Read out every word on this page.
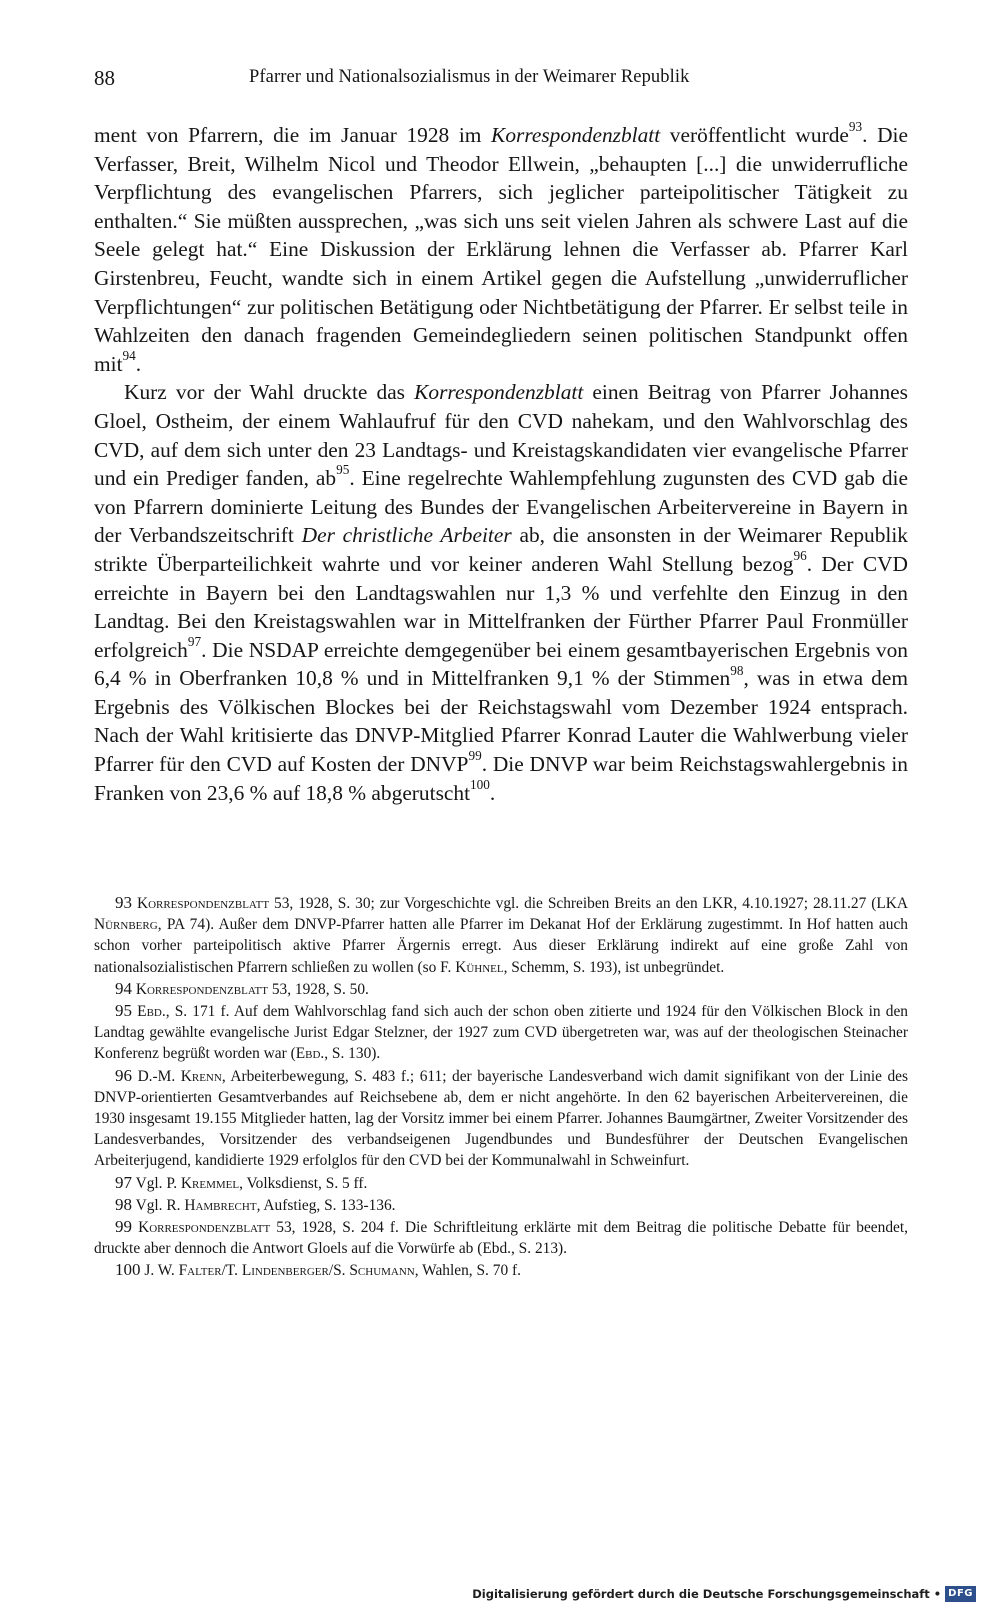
88	Pfarrer und Nationalsozialismus in der Weimarer Republik

ment von Pfarrern, die im Januar 1928 im Korrespondenzblatt veröffentlicht wurde$^{93}$. Die Verfasser, Breit, Wilhelm Nicol und Theodor Ellwein, „behaupten [...] die unwiderrufliche Verpflichtung des evangelischen Pfarrers, sich jeglicher parteipolitischer Tätigkeit zu enthalten.“ Sie müßten aussprechen, „was sich uns seit vielen Jahren als schwere Last auf die Seele gelegt hat.“ Eine Diskussion der Erklärung lehnen die Verfasser ab. Pfarrer Karl Girstenbreu, Feucht, wandte sich in einem Artikel gegen die Aufstellung „unwiderruflicher Verpflichtungen“ zur politischen Betätigung oder Nichtbetätigung der Pfarrer. Er selbst teile in Wahlzeiten den danach fragenden Gemeindegliedern seinen politischen Standpunkt offen mit$^{94}$.

Kurz vor der Wahl druckte das Korrespondenzblatt einen Beitrag von Pfarrer Johannes Gloel, Ostheim, der einem Wahlaufruf für den CVD nahekam, und den Wahlvorschlag des CVD, auf dem sich unter den 23 Landtags- und Kreistagskandidaten vier evangelische Pfarrer und ein Prediger fanden, $ab^{95}$. Eine regelrechte Wahlempfehlung zugunsten des CVD gab die von Pfarrern dominierte Leitung des Bundes der Evangelischen Arbeitervereine in Bayern in der Verbandszeitschrift Der christliche Arbeiter ab, die ansonsten in der Weimarer Republik strikte Überparteilichkeit wahrte und vor keiner anderen Wahl Stellung bezog$^{96}$. Der CVD erreichte in Bayern bei den Landtagswahlen nur 1,3 % und verfehlte den Einzug in den Landtag. Bei den Kreistagswahlen war in Mittelfranken der Fürther Pfarrer Paul Fronmüller erfolgreich$^{97}$. Die NSDAP erreichte demgegenüber bei einem gesamtbayerischen Ergebnis von 6,4 % in Oberfranken 10,8 % und in Mittelfranken 9,1 % der Stimmen$^{98}$, was in etwa dem Ergebnis des Völkischen Blockes bei der Reichstagswahl vom Dezember 1924 entsprach. Nach der Wahl kritisierte das DNVP-Mitglied Pfarrer Konrad Lauter die Wahlwerbung vieler Pfarrer für den CVD auf Kosten der DNVP$^{99}$. Die DNVP war beim Reichstagswahlergebnis in Franken von 23,6 % auf 18,8 % abgerutscht$^{100}$.

93 Korrespondenzblatt 53, 1928, S. 30; zur Vorgeschichte vgl. die Schreiben Breits an den LKR, 4.10.1927; 28.11.27 (LKA Nürnberg, PA 74). Außer dem DNVP-Pfarrer hatten alle Pfarrer im Dekanat Hof der Erklärung zugestimmt. In Hof hatten auch schon vorher parteipolitisch aktive Pfarrer Ärgernis erregt. Aus dieser Erklärung indirekt auf eine große Zahl von nationalsozialistischen Pfarrern schließen zu wollen (so F. Kühnel, Schemm, S. 193), ist unbegründet.

94 Korrespondenzblatt 53, 1928, S. 50.

95 Ebd., S. 171 f. Auf dem Wahlvorschlag fand sich auch der schon oben zitierte und 1924 für den Völkischen Block in den Landtag gewählte evangelische Jurist Edgar Stelzner, der 1927 zum CVD übergetreten war, was auf der theologischen Steinacher Konferenz begrüßt worden war (Ebd., S. 130).

96 D.-M. Krenn, Arbeiterbewegung, S. 483 f.; 611; der bayerische Landesverband wich damit signifikant von der Linie des DNVP-orientierten Gesamtverbandes auf Reichsebene ab, dem er nicht angehörte. In den 62 bayerischen Arbeitervereinen, die 1930 insgesamt 19.155 Mitglieder hatten, lag der Vorsitz immer bei einem Pfarrer. Johannes Baumgärtner, Zweiter Vorsitzender des Landesverbandes, Vorsitzender des verbandseigenen Jugendbundes und Bundesführer der Deutschen Evangelischen Arbeiterjugend, kandidierte 1929 erfolglos für den CVD bei der Kommunalwahl in Schweinfurt.

97 Vgl. P. Kremmel, Volksdienst, S. 5 ff.

98 Vgl. R. Hambrecht, Aufstieg, S. 133-136.

99 Korrespondenzblatt 53, 1928, S. 204 f. Die Schriftleitung erklärte mit dem Beitrag die politische Debatte für beendet, druckte aber dennoch die Antwort Gloels auf die Vorwürfe ab (Ebd., S. 213).

100 J. W. Falter/T. Lindenberger/S. Schumann, Wahlen, S. 70 f.

Digitalisierung gefördert durch die Deutsche Forschungsgemeinschaft • DFG
